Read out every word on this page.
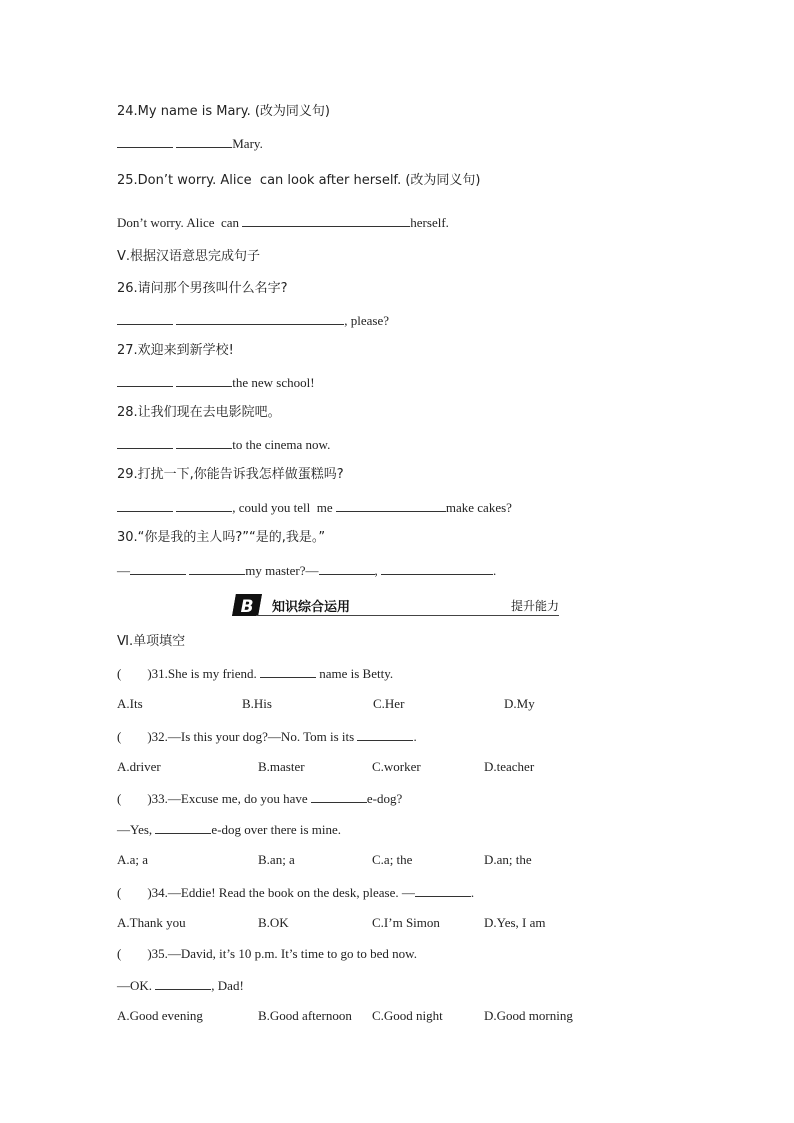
24.My name is Mary. (改为同义句)
Mary.
25.Don’t worry. Alice  can look after herself. (改为同义句)
Don’t worry. Alice  can	herself.
Ⅴ.根据汉语意思完成句子
26.请问那个男孩叫什么名字?
, please?
27.欢迎来到新学校!
the new school!
28.让我们现在去电影院吧。
to the cinema now.
29.打扰一下,你能告诉我怎样做蛋糕吗?
, could you tell  me	make cakes?
30.“你是我的主人吗?”“是的,我是。”
—	my master?—	,	.
B	知识综合运用	提升能力
Ⅵ.单项填空
(        )31.She is my friend.	name is Betty.
A.Its	B.His	C.Her	D.My
(        )32.—Is this your dog?—No. Tom is its	.
A.driver	B.master	C.worker	D.teacher
(        )33.—Excuse me, do you have	e-dog?
—Yes,	e-dog over there is mine.
A.a; a	B.an; a	C.a; the	D.an; the
(        )34.—Eddie! Read the book on the desk, please. —	.
A.Thank you	B.OK	C.I’m Simon	D.Yes, I am
(        )35.—David, it’s 10 p.m. It’s time to go to bed now.
—OK.	, Dad!
A.Good evening	B.Good afternoon C.Good night	D.Good morning
